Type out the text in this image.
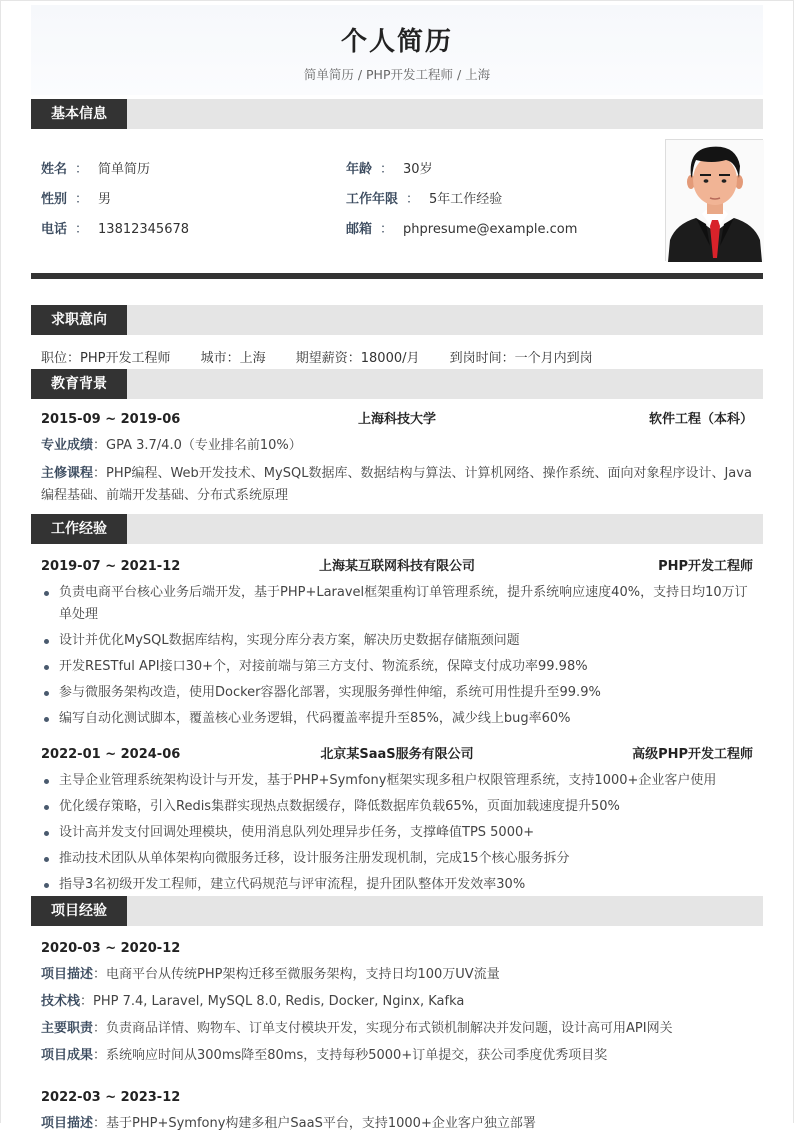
个人简历
简单简历 / PHP开发工程师 / 上海
基本信息
姓名 ： 简单简历
性别 ： 男
电话 ： 13812345678
年龄 ： 30岁
工作年限 ： 5年工作经验
邮箱 ： phpresume@example.com
求职意向
职位：PHP开发工程师 城市：上海 期望薪资：18000/月 到岗时间：一个月内到岗
教育背景
2015-09 ~ 2019-06	上海科技大学	软件工程（本科）
专业成绩：GPA 3.7/4.0（专业排名前10%）
主修课程：PHP编程、Web开发技术、MySQL数据库、数据结构与算法、计算机网络、操作系统、面向对象程序设计、Java编程基础、前端开发基础、分布式系统原理
工作经验
2019-07 ~ 2021-12	上海某互联网科技有限公司	PHP开发工程师
负责电商平台核心业务后端开发，基于PHP+Laravel框架重构订单管理系统，提升系统响应速度40%，支持日均10万订单处理
设计并优化MySQL数据库结构，实现分库分表方案，解决历史数据存储瓶颈问题
开发RESTful API接口30+个，对接前端与第三方支付、物流系统，保障支付成功率99.98%
参与微服务架构改造，使用Docker容器化部署，实现服务弹性伸缩，系统可用性提升至99.9%
编写自动化测试脚本，覆盖核心业务逻辑，代码覆盖率提升至85%，减少线上bug率60%
2022-01 ~ 2024-06	北京某SaaS服务有限公司	高级PHP开发工程师
主导企业管理系统架构设计与开发，基于PHP+Symfony框架实现多租户权限管理系统，支持1000+企业客户使用
优化缓存策略，引入Redis集群实现热点数据缓存，降低数据库负载65%，页面加载速度提升50%
设计高并发支付回调处理模块，使用消息队列处理异步任务，支撑峰值TPS 5000+
推动技术团队从单体架构向微服务迁移，设计服务注册发现机制，完成15个核心服务拆分
指导3名初级开发工程师，建立代码规范与评审流程，提升团队整体开发效率30%
项目经验
2020-03 ~ 2020-12
项目描述：电商平台从传统PHP架构迁移至微服务架构，支持日均100万UV流量
技术栈：PHP 7.4, Laravel, MySQL 8.0, Redis, Docker, Nginx, Kafka
主要职责：负责商品详情、购物车、订单支付模块开发，实现分布式锁机制解决并发问题，设计高可用API网关
项目成果：系统响应时间从300ms降至80ms，支持每秒5000+订单提交，获公司季度优秀项目奖
2022-03 ~ 2023-12
项目描述：基于PHP+Symfony构建多租户SaaS平台，支持1000+企业客户独立部署
